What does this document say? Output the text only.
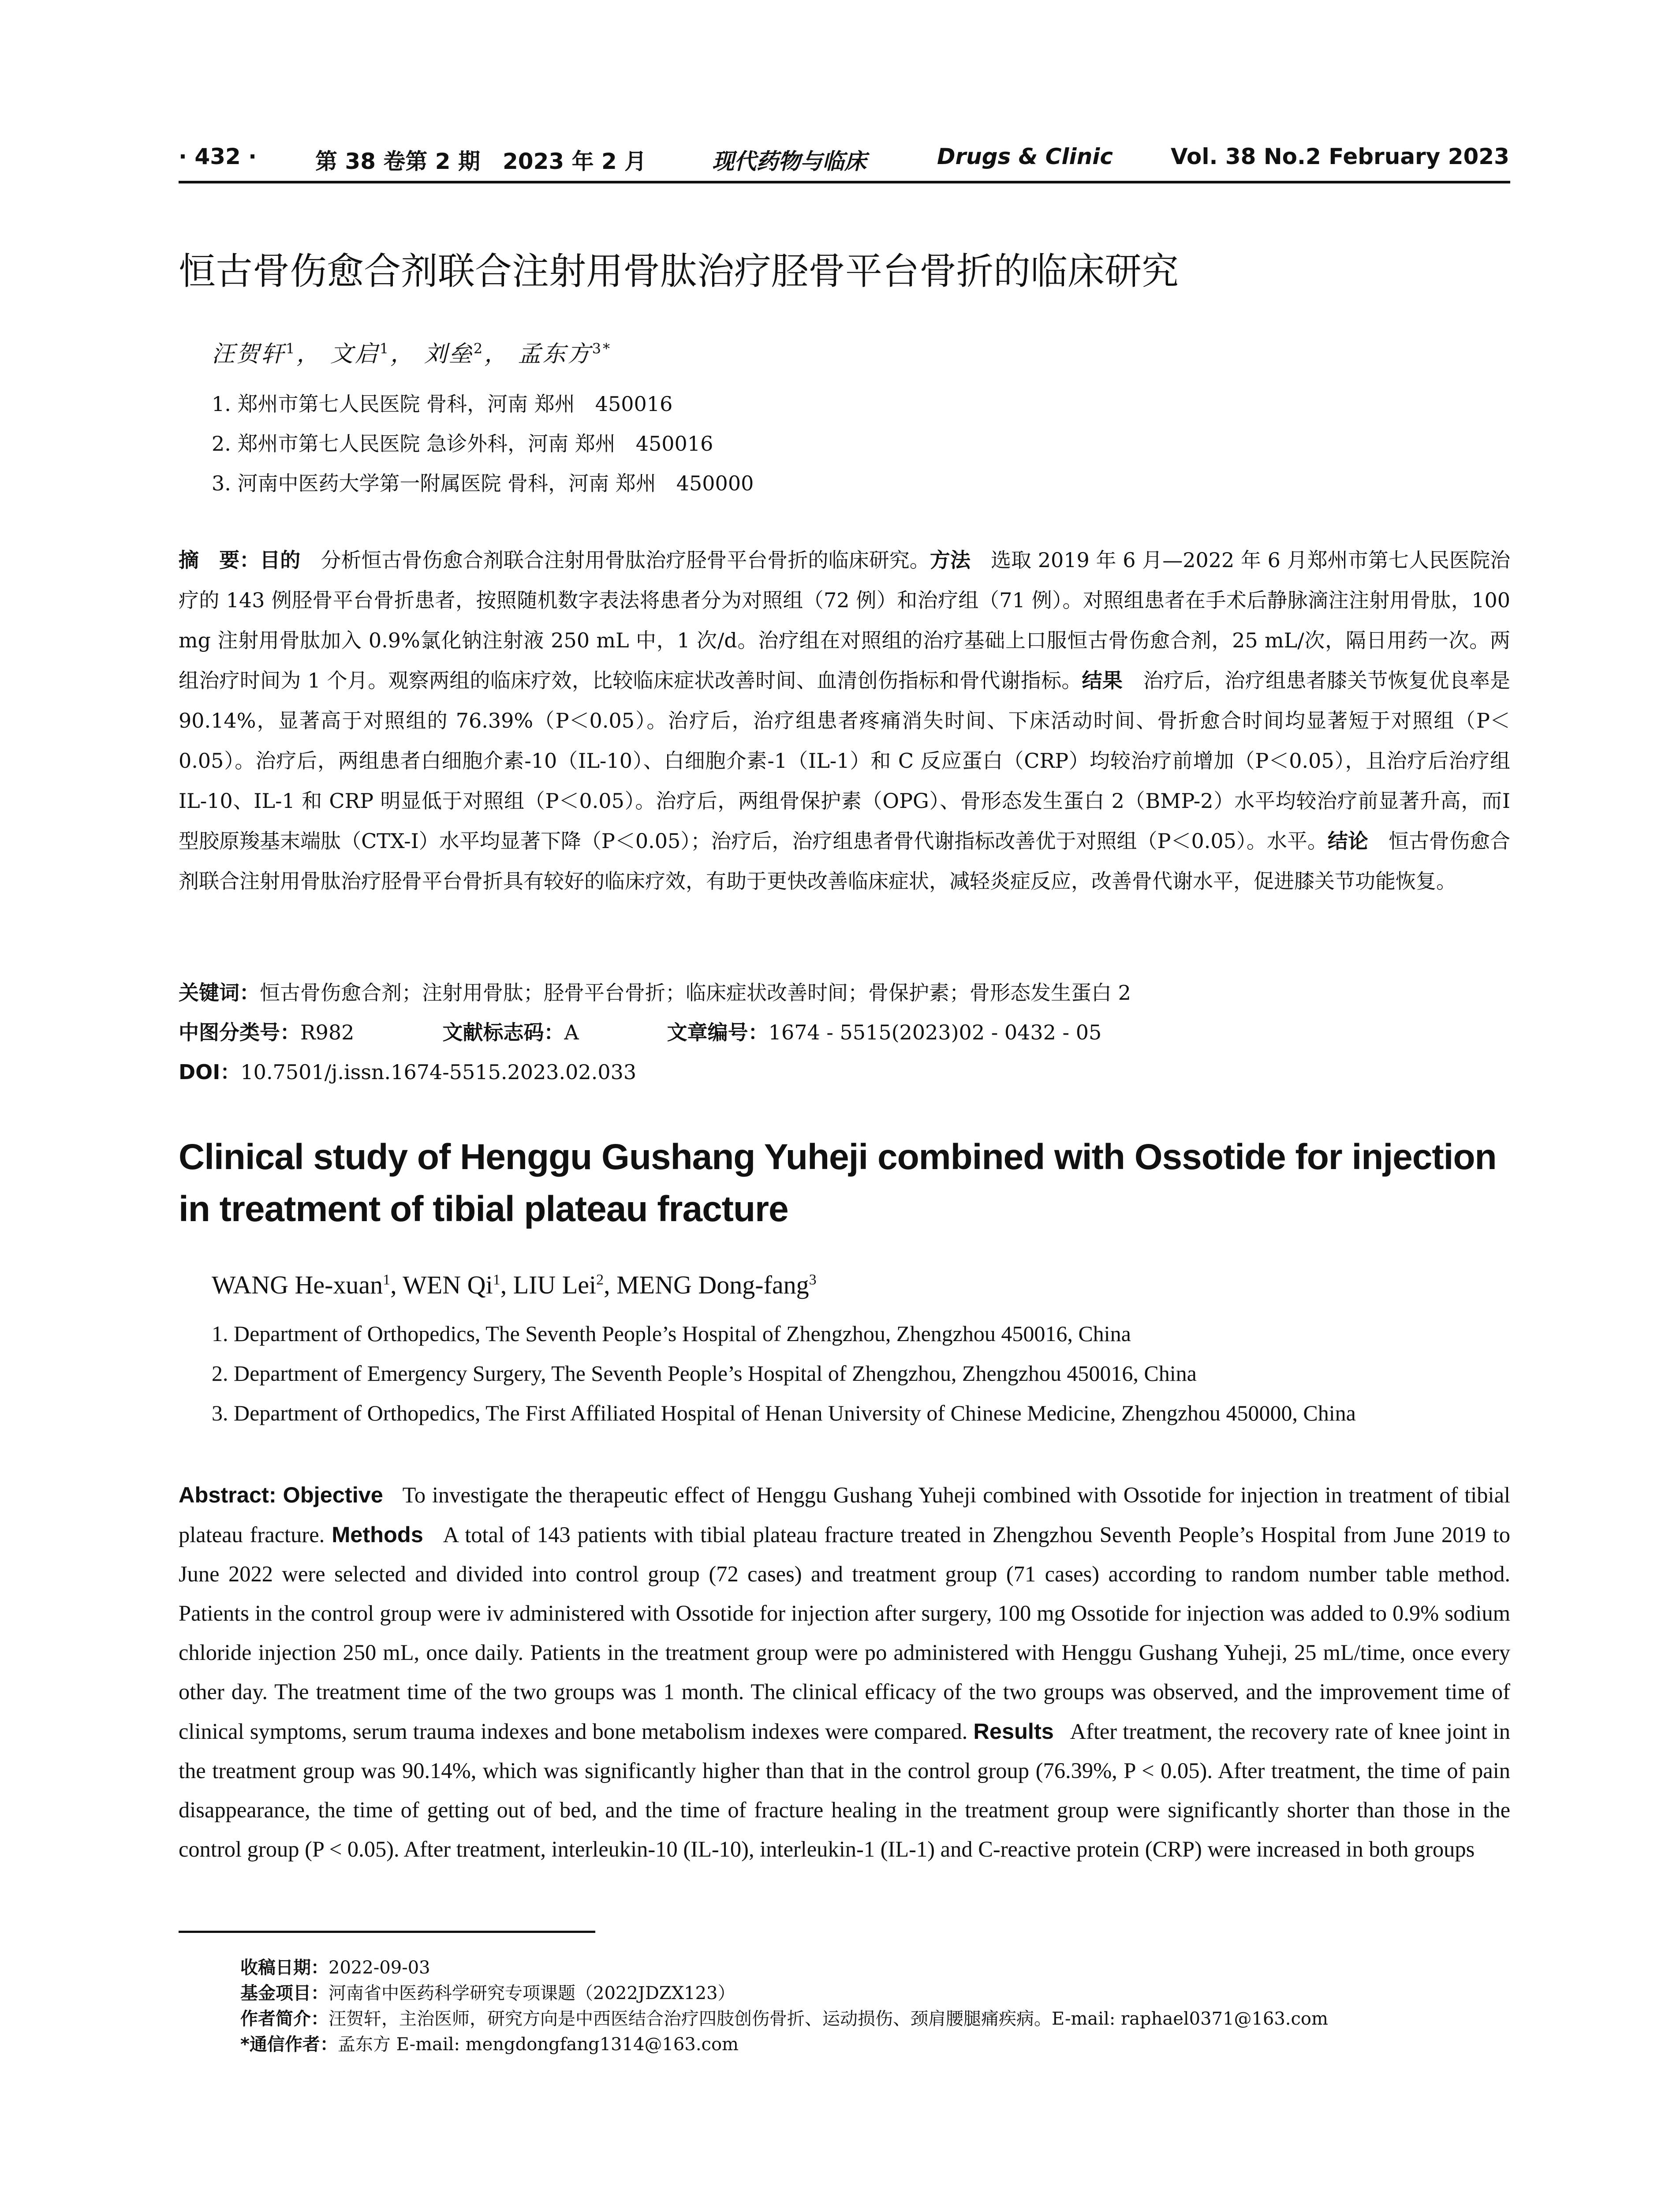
· 432 ·	第 38 卷第 2 期 2023 年 2 月	现代药物与临床	Drugs & Clinic	Vol. 38 No.2 February 2023
恒古骨伤愈合剂联合注射用骨肽治疗胫骨平台骨折的临床研究
汪贺轩$^1$， 文启$^1$， 刘垒$^2$， 孟东方$^{3*}$
1. 郑州市第七人民医院 骨科，河南 郑州　450016
2. 郑州市第七人民医院 急诊外科，河南 郑州　450016
3. 河南中医药大学第一附属医院 骨科，河南 郑州　450000
摘　要：目的　 分析恒古骨伤愈合剂联合注射用骨肽治疗胫骨平台骨折的临床研究。方法　 选取 2019 年 6 月—2022 年 6 月郑州市第七人民医院治疗的 143 例胫骨平台骨折患者，按照随机数字表法将患者分为对照组（72 例）和治疗组（71 例）。对照组患者在手术后静脉滴注注射用骨肽，100 mg 注射用骨肽加入 0.9%氯化钠注射液 250 mL 中，1 次/d。治疗组在对照组的治疗基础上口服恒古骨伤愈合剂，25 mL/次，隔日用药一次。两组治疗时间为 1 个月。观察两组的临床疗效，比较临床症状改善时间、血清创伤指标和骨代谢指标。结果　 治疗后，治疗组患者膝关节恢复优良率是 90.14%，显著高于对照组的 76.39%（P＜0.05）。治疗后，治疗组患者疼痛消失时间、下床活动时间、骨折愈合时间均显著短于对照组（P＜0.05）。治疗后，两组患者白细胞介素-10（IL-10）、白细胞介素-1（IL-1）和 C 反应蛋白（CRP）均较治疗前增加（P＜0.05），且治疗后治疗组 IL-10、IL-1 和 CRP 明显低于对照组（P＜0.05）。治疗后，两组骨保护素（OPG）、骨形态发生蛋白 2（BMP-2）水平均较治疗前显著升高，而Ⅰ型胶原羧基末端肽（CTX-Ⅰ）水平均显著下降（P＜0.05）；治疗后，治疗组患者骨代谢指标改善优于对照组（P＜0.05）。水平。结论　 恒古骨伤愈合剂联合注射用骨肽治疗胫骨平台骨折具有较好的临床疗效，有助于更快改善临床症状，减轻炎症反应，改善骨代谢水平，促进膝关节功能恢复。
关键词：恒古骨伤愈合剂；注射用骨肽；胫骨平台骨折；临床症状改善时间；骨保护素；骨形态发生蛋白 2
中图分类号：R982	文献标志码：A	文章编号：1674 - 5515(2023)02 - 0432 - 05
DOI：10.7501/j.issn.1674-5515.2023.02.033
Clinical study of Henggu Gushang Yuheji combined with Ossotide for injection in treatment of tibial plateau fracture
WANG He-xuan$^1$, WEN Qi$^1$, LIU Lei$^2$, MENG Dong-fang$^3$
1. Department of Orthopedics, The Seventh People’s Hospital of Zhengzhou, Zhengzhou 450016, China
2. Department of Emergency Surgery, The Seventh People’s Hospital of Zhengzhou, Zhengzhou 450016, China
3. Department of Orthopedics, The First Affiliated Hospital of Henan University of Chinese Medicine, Zhengzhou 450000, China
Abstract: Objective To investigate the therapeutic effect of Henggu Gushang Yuheji combined with Ossotide for injection in treatment of tibial plateau fracture. Methods A total of 143 patients with tibial plateau fracture treated in Zhengzhou Seventh People’s Hospital from June 2019 to June 2022 were selected and divided into control group (72 cases) and treatment group (71 cases) according to random number table method. Patients in the control group were iv administered with Ossotide for injection after surgery, 100 mg Ossotide for injection was added to 0.9% sodium chloride injection 250 mL, once daily. Patients in the treatment group were po administered with Henggu Gushang Yuheji, 25 mL/time, once every other day. The treatment time of the two groups was 1 month. The clinical efficacy of the two groups was observed, and the improvement time of clinical symptoms, serum trauma indexes and bone metabolism indexes were compared. Results After treatment, the recovery rate of knee joint in the treatment group was 90.14%, which was significantly higher than that in the control group (76.39%, P < 0.05). After treatment, the time of pain disappearance, the time of getting out of bed, and the time of fracture healing in the treatment group were significantly shorter than those in the control group (P < 0.05). After treatment, interleukin-10 (IL-10), interleukin-1 (IL-1) and C-reactive protein (CRP) were increased in both groups
收稿日期：2022-09-03
基金项目：河南省中医药科学研究专项课题（2022JDZX123）
作者简介：汪贺轩，主治医师，研究方向是中西医结合治疗四肢创伤骨折、运动损伤、颈肩腰腿痛疾病。E-mail: raphael0371@163.com
*通信作者：孟东方 E-mail: mengdongfang1314@163.com
